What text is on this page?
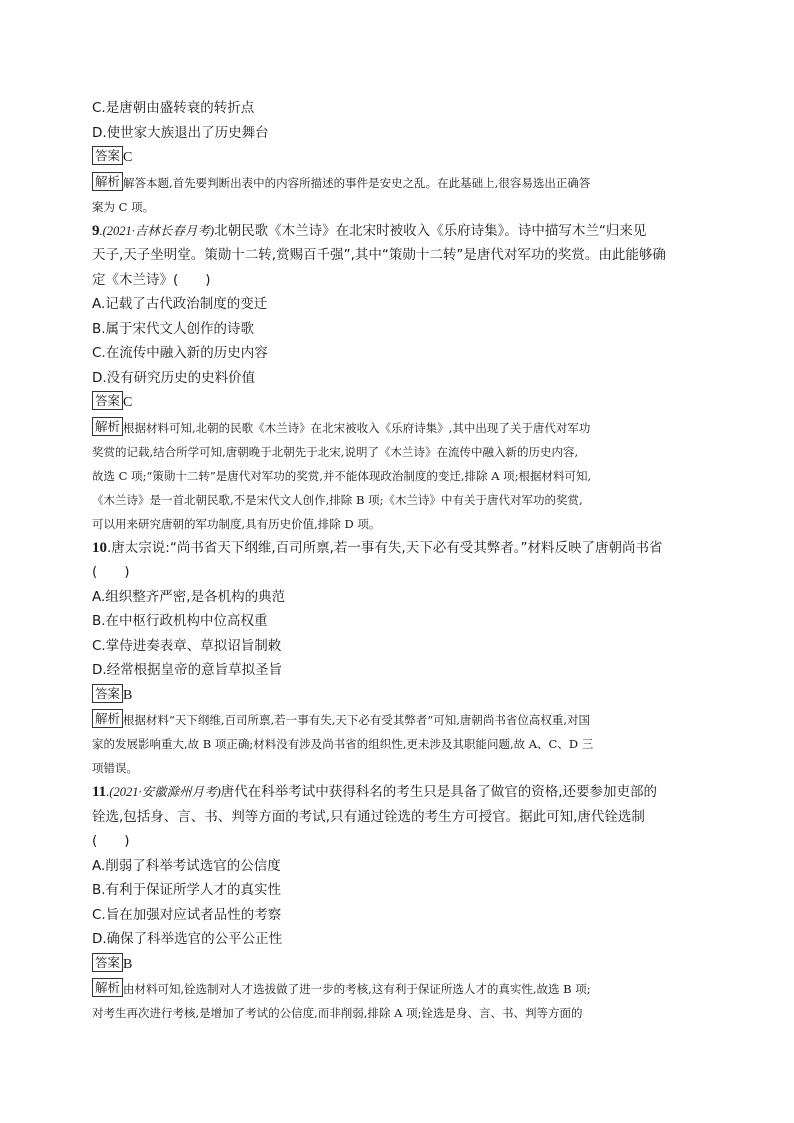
C.是唐朝由盛转衰的转折点
D.使世家大族退出了历史舞台
答案 C
解析 解答本题,首先要判断出表中的内容所描述的事件是安史之乱。在此基础上,很容易选出正确答
案为 C 项。
9.(2021·吉林长春月考)北朝民歌《木兰诗》在北宋时被收入《乐府诗集》。诗中描写木兰“归来见
天子,天子坐明堂。策勋十二转,赏赐百千强”,其中“策勋十二转”是唐代对军功的奖赏。由此能够确
定《木兰诗》(　　)
A.记载了古代政治制度的变迁
B.属于宋代文人创作的诗歌
C.在流传中融入新的历史内容
D.没有研究历史的史料价值
答案 C
解析 根据材料可知,北朝的民歌《木兰诗》在北宋被收入《乐府诗集》,其中出现了关于唐代对军功
奖赏的记载,结合所学可知,唐朝晚于北朝先于北宋,说明了《木兰诗》在流传中融入新的历史内容,
故选 C 项;“策勋十二转”是唐代对军功的奖赏,并不能体现政治制度的变迁,排除 A 项;根据材料可知,
《木兰诗》是一首北朝民歌,不是宋代文人创作,排除 B 项;《木兰诗》中有关于唐代对军功的奖赏,
可以用来研究唐朝的军功制度,具有历史价值,排除 D 项。
10.唐太宗说:“尚书省天下纲维,百司所禀,若一事有失,天下必有受其弊者。”材料反映了唐朝尚书省
(　　)
A.组织整齐严密,是各机构的典范
B.在中枢行政机构中位高权重
C.掌侍进奏表章、草拟诏旨制敕
D.经常根据皇帝的意旨草拟圣旨
答案 B
解析 根据材料“天下纲维,百司所禀,若一事有失,天下必有受其弊者”可知,唐朝尚书省位高权重,对国
家的发展影响重大,故 B 项正确;材料没有涉及尚书省的组织性,更未涉及其职能问题,故 A、C、D 三
项错误。
11.(2021·安徽滁州月考)唐代在科举考试中获得科名的考生只是具备了做官的资格,还要参加吏部的
铨选,包括身、言、书、判等方面的考试,只有通过铨选的考生方可授官。据此可知,唐代铨选制
(　　)
A.削弱了科举考试选官的公信度
B.有利于保证所学人才的真实性
C.旨在加强对应试者品性的考察
D.确保了科举选官的公平公正性
答案 B
解析 由材料可知,铨选制对人才选拔做了进一步的考核,这有利于保证所选人才的真实性,故选 B 项;
对考生再次进行考核,是增加了考试的公信度,而非削弱,排除 A 项;铨选是身、言、书、判等方面的
